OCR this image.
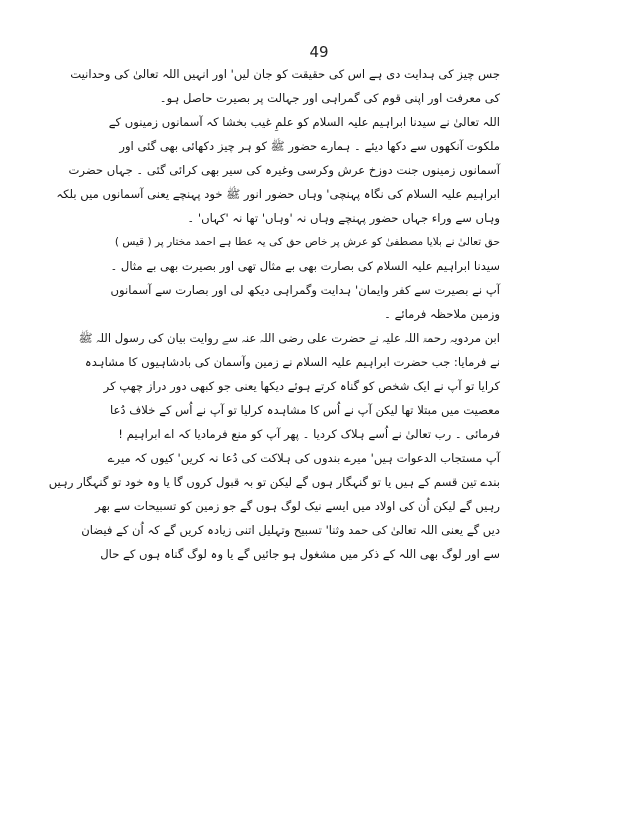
49
جس چیز کی ہدایت دی ہے اس کی حقیقت کو جان لیں' اور انہیں اللہ تعالیٰ کی وحدانیت
کی معرفت اور اپنی قوم کی گمراہی اور جہالت پر بصیرت حاصل ہو۔
اللہ تعالیٰ نے سیدنا ابراہیم علیہ السلام کو علمِ غیب بخشا کہ آسمانوں زمینوں کے
ملکوت آنکھوں سے دکھا دیئے ۔ ہمارے حضور ﷺ کو ہر چیز دکھائی بھی گئی اور
آسمانوں زمینوں جنت دوزخ عرش وکرسی وغیرہ کی سیر بھی کرائی گئی ۔ جہاں حضرت
ابراہیم علیہ السلام کی نگاہ پہنچی' وہاں حضور انور ﷺ خود پہنچے یعنی آسمانوں میں بلکہ
وہاں سے وراء جہاں حضور پہنچے وہاں نہ 'وہاں' تھا نہ 'کہاں' ۔
حق تعالیٰ نے بلایا مصطفیٰ کو عرش پر خاص حق کی یہ عطا ہے احمد مختار پر ( قیس )
سیدنا ابراہیم علیہ السلام کی بصارت بھی بے مثال تھی اور بصیرت بھی بے مثال ۔
آپ نے بصیرت سے کفر وایمان' ہدایت وگمراہی دیکھ لی اور بصارت سے آسمانوں
وزمین ملاحظہ فرمائے ۔
ابن مردویہ رحمۃ اللہ علیہ نے حضرت علی رضی اللہ عنہ سے روایت بیان کی رسول اللہ ﷺ
نے فرمایا: جب حضرت ابراہیم علیہ السلام نے زمین وآسمان کی بادشاہیوں کا مشاہدہ
کرایا تو آپ نے ایک شخص کو گناہ کرتے ہوئے دیکھا یعنی جو کبھی دور دراز چھپ کر
معصیت میں مبتلا تھا لیکن آپ نے اُس کا مشاہدہ کرلیا تو آپ نے اُس کے خلاف دُعا
فرمائی ۔ رب تعالیٰ نے اُسے ہلاک کردیا ۔ پھر آپ کو منع فرمادیا کہ اے ابراہیم !
آپ مستجاب الدعوات ہیں' میرے بندوں کی ہلاکت کی دُعا نہ کریں' کیوں کہ میرے
بندے تین قسم کے ہیں یا تو گنہگار ہوں گے لیکن تو بہ قبول کروں گا یا وہ خود تو گنہگار رہیں
رہیں گے لیکن اُن کی اولاد میں ایسے نیک لوگ ہوں گے جو زمین کو تسبیحات سے بھر
دیں گے یعنی اللہ تعالیٰ کی حمد وثنا' تسبیح وتہلیل اتنی زیادہ کریں گے کہ اُن کے فیضان
سے اور لوگ بھی اللہ کے ذکر میں مشغول ہو جائیں گے یا وہ لوگ گناہ ہوں کے حال
